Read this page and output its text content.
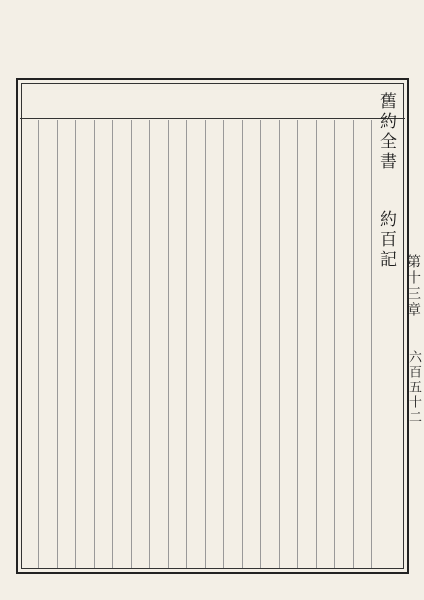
舊約全書約百記
第十三章
六百五十二
